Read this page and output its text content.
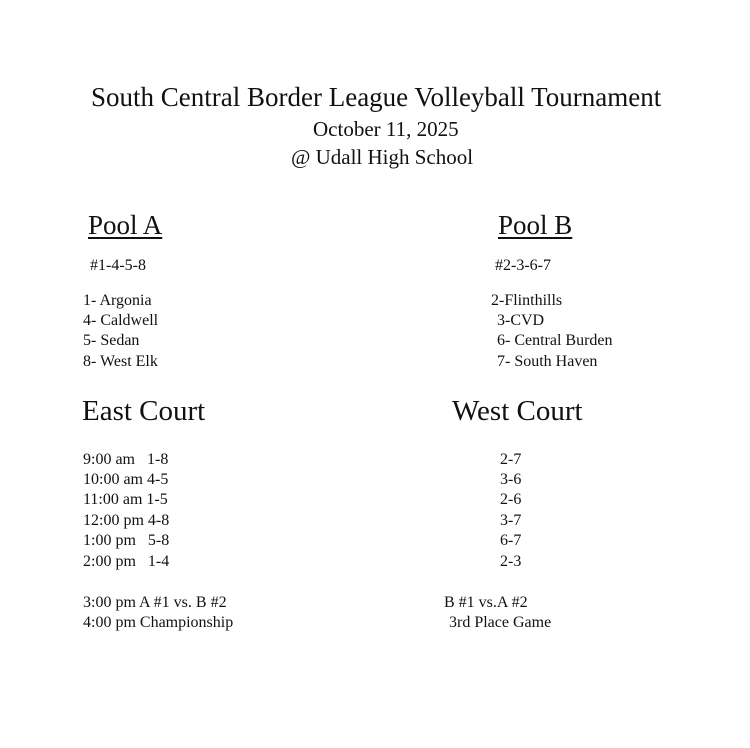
South Central Border League Volleyball Tournament
October 11, 2025
@ Udall High School
Pool A
#1-4-5-8
1- Argonia
4- Caldwell
5- Sedan
8- West Elk
Pool B
#2-3-6-7
2-Flinthills
3-CVD
6- Central Burden
7- South Haven
East Court
9:00 am   1-8
10:00 am 4-5
11:00 am 1-5
12:00 pm 4-8
1:00 pm   5-8
2:00 pm   1-4
3:00 pm A #1 vs. B #2
4:00 pm Championship
West Court
2-7
3-6
2-6
3-7
6-7
2-3
B #1 vs.A #2
3rd Place Game
